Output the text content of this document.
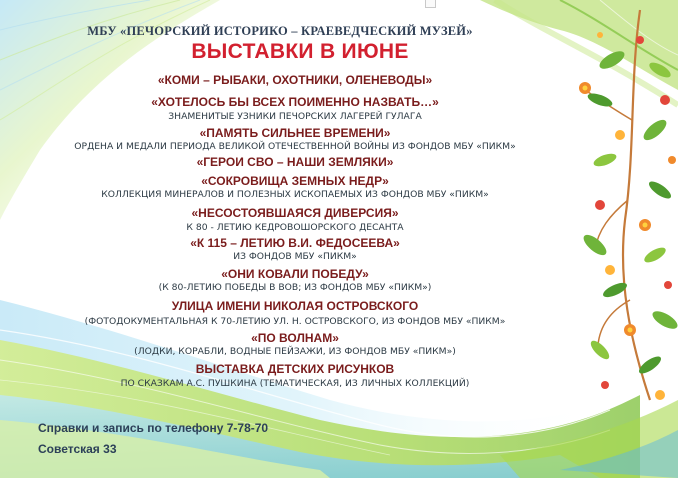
МБУ «ПЕЧОРСКИЙ ИСТОРИКО – КРАЕВЕДЧЕСКИЙ МУЗЕЙ»
ВЫСТАВКИ В ИЮНЕ
«КОМИ – РЫБАКИ, ОХОТНИКИ, ОЛЕНЕВОДЫ»
«ХОТЕЛОСЬ БЫ ВСЕХ ПОИМЕННО НАЗВАТЬ…»
ЗНАМЕНИТЫЕ УЗНИКИ ПЕЧОРСКИХ ЛАГЕРЕЙ ГУЛАГА
«ПАМЯТЬ СИЛЬНЕЕ ВРЕМЕНИ»
ОРДЕНА И МЕДАЛИ ПЕРИОДА ВЕЛИКОЙ ОТЕЧЕСТВЕННОЙ ВОЙНЫ ИЗ ФОНДОВ МБУ «ПИКМ»
«ГЕРОИ СВО – НАШИ ЗЕМЛЯКИ»
«СОКРОВИЩА ЗЕМНЫХ НЕДР»
КОЛЛЕКЦИЯ МИНЕРАЛОВ И ПОЛЕЗНЫХ ИСКОПАЕМЫХ ИЗ ФОНДОВ МБУ «ПИКМ»
«НЕСОСТОЯВШАЯСЯ ДИВЕРСИЯ»
К 80 - ЛЕТИЮ КЕДРОВОШОРСКОГО ДЕСАНТА
«К 115 – ЛЕТИЮ В.И. ФЕДОСЕЕВА»
ИЗ ФОНДОВ МБУ «ПИКМ»
«ОНИ КОВАЛИ ПОБЕДУ»
(К 80-ЛЕТИЮ ПОБЕДЫ В ВОВ; ИЗ ФОНДОВ МБУ «ПИКМ»)
УЛИЦА ИМЕНИ НИКОЛАЯ ОСТРОВСКОГО
(ФОТОДОКУМЕНТАЛЬНАЯ К 70-ЛЕТИЮ УЛ. Н. ОСТРОВСКОГО, ИЗ ФОНДОВ МБУ «ПИКМ»
«ПО ВОЛНАМ»
(ЛОДКИ, КОРАБЛИ, ВОДНЫЕ ПЕЙЗАЖИ, ИЗ ФОНДОВ МБУ «ПИКМ»)
ВЫСТАВКА ДЕТСКИХ РИСУНКОВ
ПО СКАЗКАМ А.С. ПУШКИНА (ТЕМАТИЧЕСКАЯ, ИЗ ЛИЧНЫХ КОЛЛЕКЦИЙ)
Справки и запись по телефону 7-78-70
Советская 33
